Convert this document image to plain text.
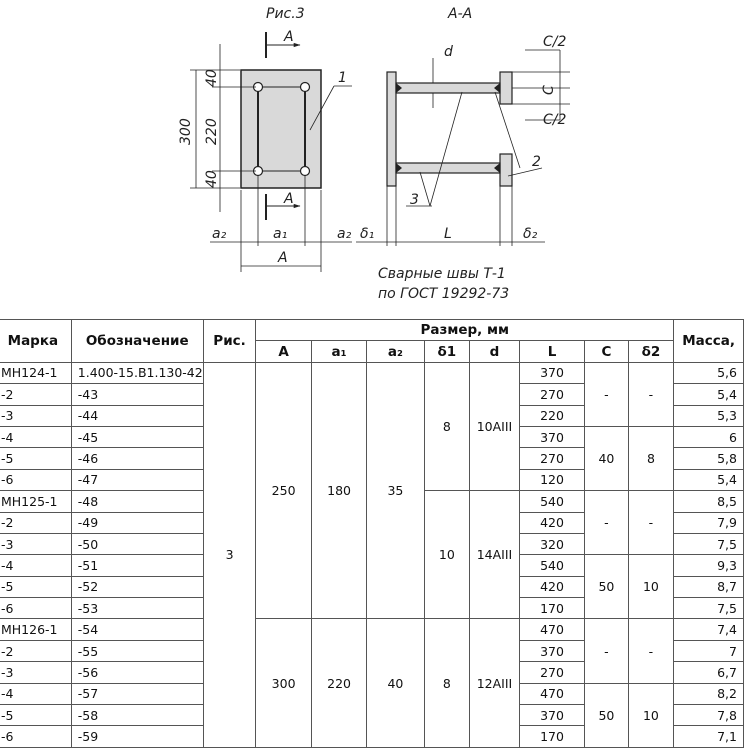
Рис.3	А-А
А
А
300
40
220
40
а₂	а₁	а₂
А
1
d
С/2
С
С/2
δ₁	L	δ₂
2
3
Сварные швы Т-1
по ГОСТ 19292-73
Марка	Обозначение	Рис.	Размер, мм								Масса,
			А	а₁	а₂	δ1	d	L	С	δ2	
МН124-1	1.400-15.В1.130-42	3	250	180	35	8	10АIII	370	-	-	5,6
-2	-43							270			5,4
-3	-44							220			5,3
-4	-45							370	40	8	6
-5	-46							270			5,8
-6	-47							120			5,4
МН125-1	-48					10	14АIII	540	-	-	8,5
-2	-49							420			7,9
-3	-50							320			7,5
-4	-51							540	50	10	9,3
-5	-52							420			8,7
-6	-53							170			7,5
МН126-1	-54		300	220	40	8	12АIII	470	-	-	7,4
-2	-55							370			7
-3	-56							270			6,7
-4	-57							470	50	10	8,2
-5	-58							370			7,8
-6	-59							170			7,1
